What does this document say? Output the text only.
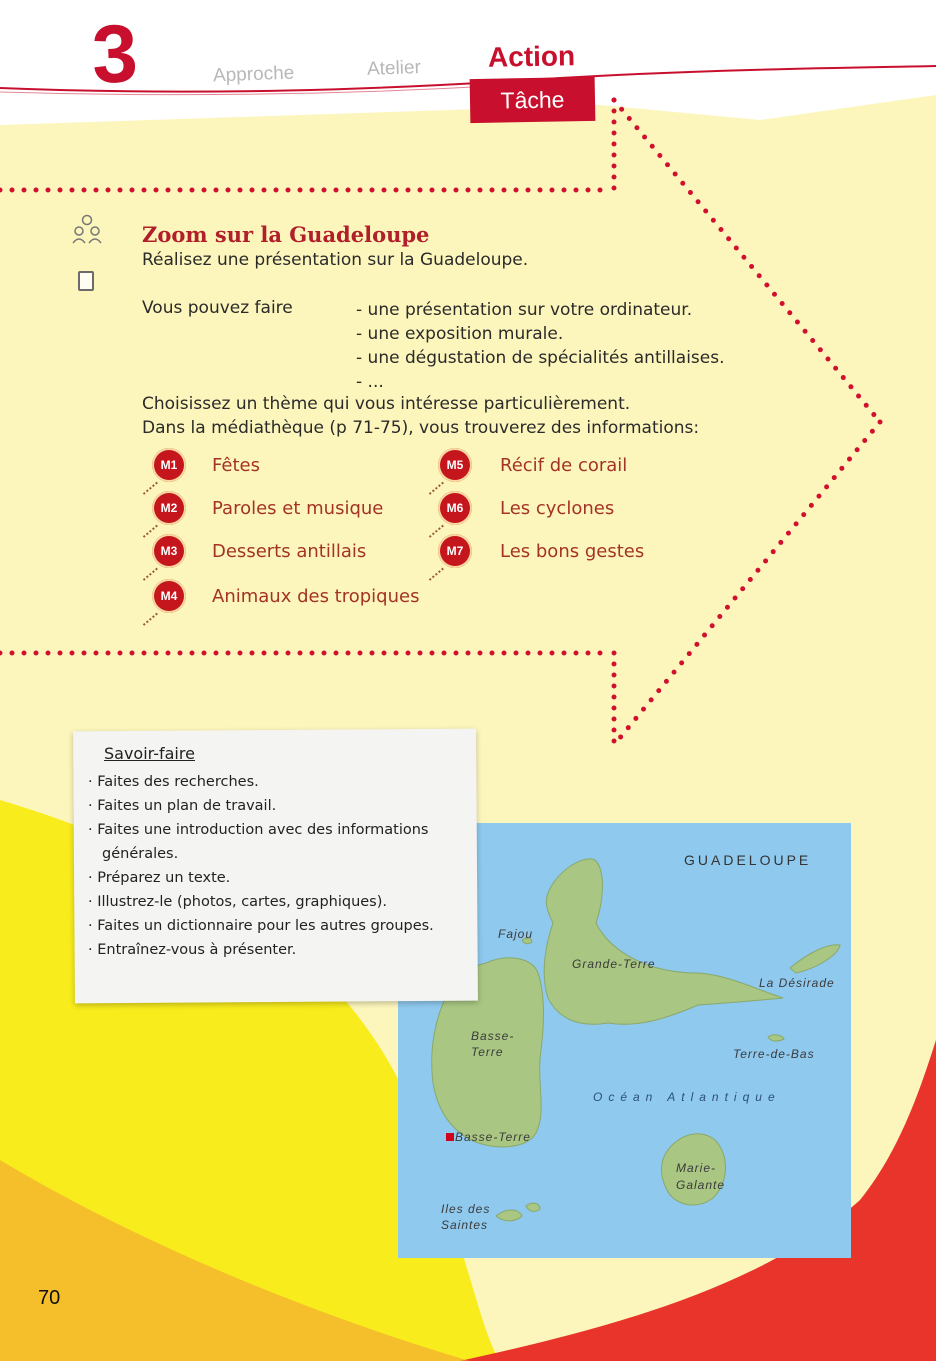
3	Approche	Atelier Action
Tâche
Zoom sur la Guadeloupe
Réalisez une présentation sur la Guadeloupe.
Vous pouvez faire	- une présentation sur votre ordinateur.
- une exposition murale.
- une dégustation de spécialités antillaises.
- ...
Choisissez un thème qui vous intéresse particulièrement.
Dans la médiathèque (p 71-75), vous trouverez des informations:
M1	Fêtes
M2	Paroles et musique
M3	Desserts antillais
M4	Animaux des tropiques
M5	Récif de corail
M6	Les cyclones
M7	Les bons gestes
GUADELOUPE
Fajou
Grande-Terre
La Désirade
Basse-
Terre	Terre-de-Bas
Océan Atlantique
Basse-Terre
Marie-
Galante
Iles des
Saintes
Savoir-faire
· Faites des recherches.
· Faites un plan de travail.
· Faites une introduction avec des informations générales.
· Préparez un texte.
· Illustrez-le (photos, cartes, graphiques).
· Faites un dictionnaire pour les autres groupes.
· Entraînez-vous à présenter.
70
